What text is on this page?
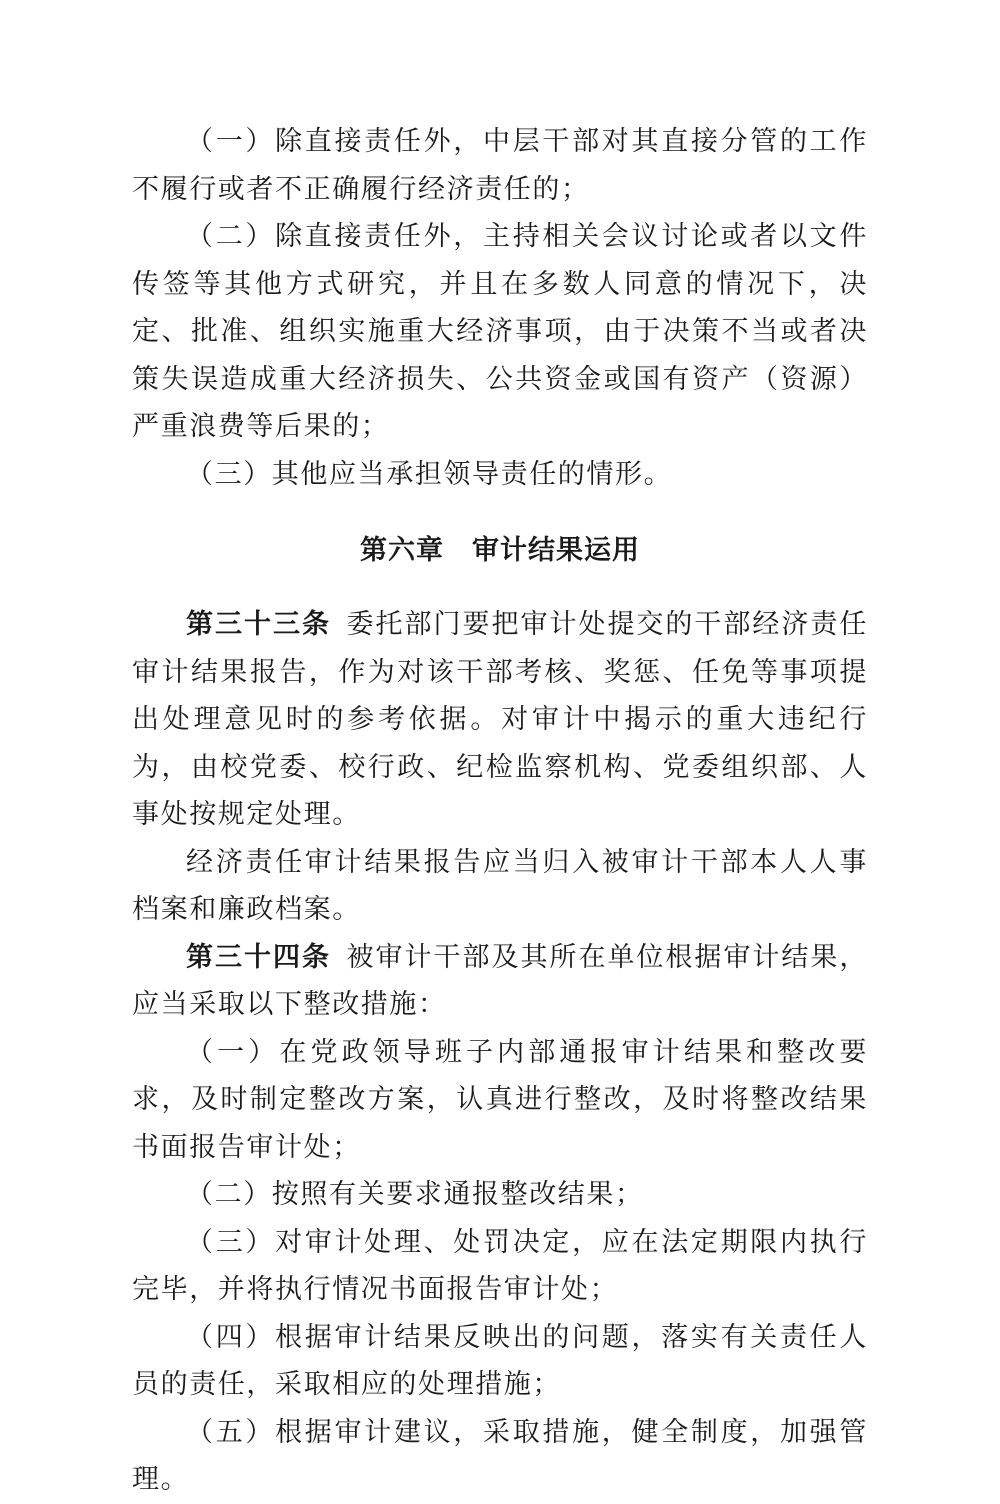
（一）除直接责任外，中层干部对其直接分管的工作不履行或者不正确履行经济责任的；

（二）除直接责任外，主持相关会议讨论或者以文件传签等其他方式研究，并且在多数人同意的情况下，决定、批准、组织实施重大经济事项，由于决策不当或者决策失误造成重大经济损失、公共资金或国有资产（资源）严重浪费等后果的；

（三）其他应当承担领导责任的情形。

第六章 审计结果运用

第三十三条  委托部门要把审计处提交的干部经济责任审计结果报告，作为对该干部考核、奖惩、任免等事项提出处理意见时的参考依据。对审计中揭示的重大违纪行为，由校党委、校行政、纪检监察机构、党委组织部、人事处按规定处理。

经济责任审计结果报告应当归入被审计干部本人人事档案和廉政档案。

第三十四条  被审计干部及其所在单位根据审计结果，应当采取以下整改措施：

（一）在党政领导班子内部通报审计结果和整改要求，及时制定整改方案，认真进行整改，及时将整改结果书面报告审计处；

（二）按照有关要求通报整改结果；

（三）对审计处理、处罚决定，应在法定期限内执行完毕，并将执行情况书面报告审计处；

（四）根据审计结果反映出的问题，落实有关责任人员的责任，采取相应的处理措施；

（五）根据审计建议，采取措施，健全制度，加强管理。
